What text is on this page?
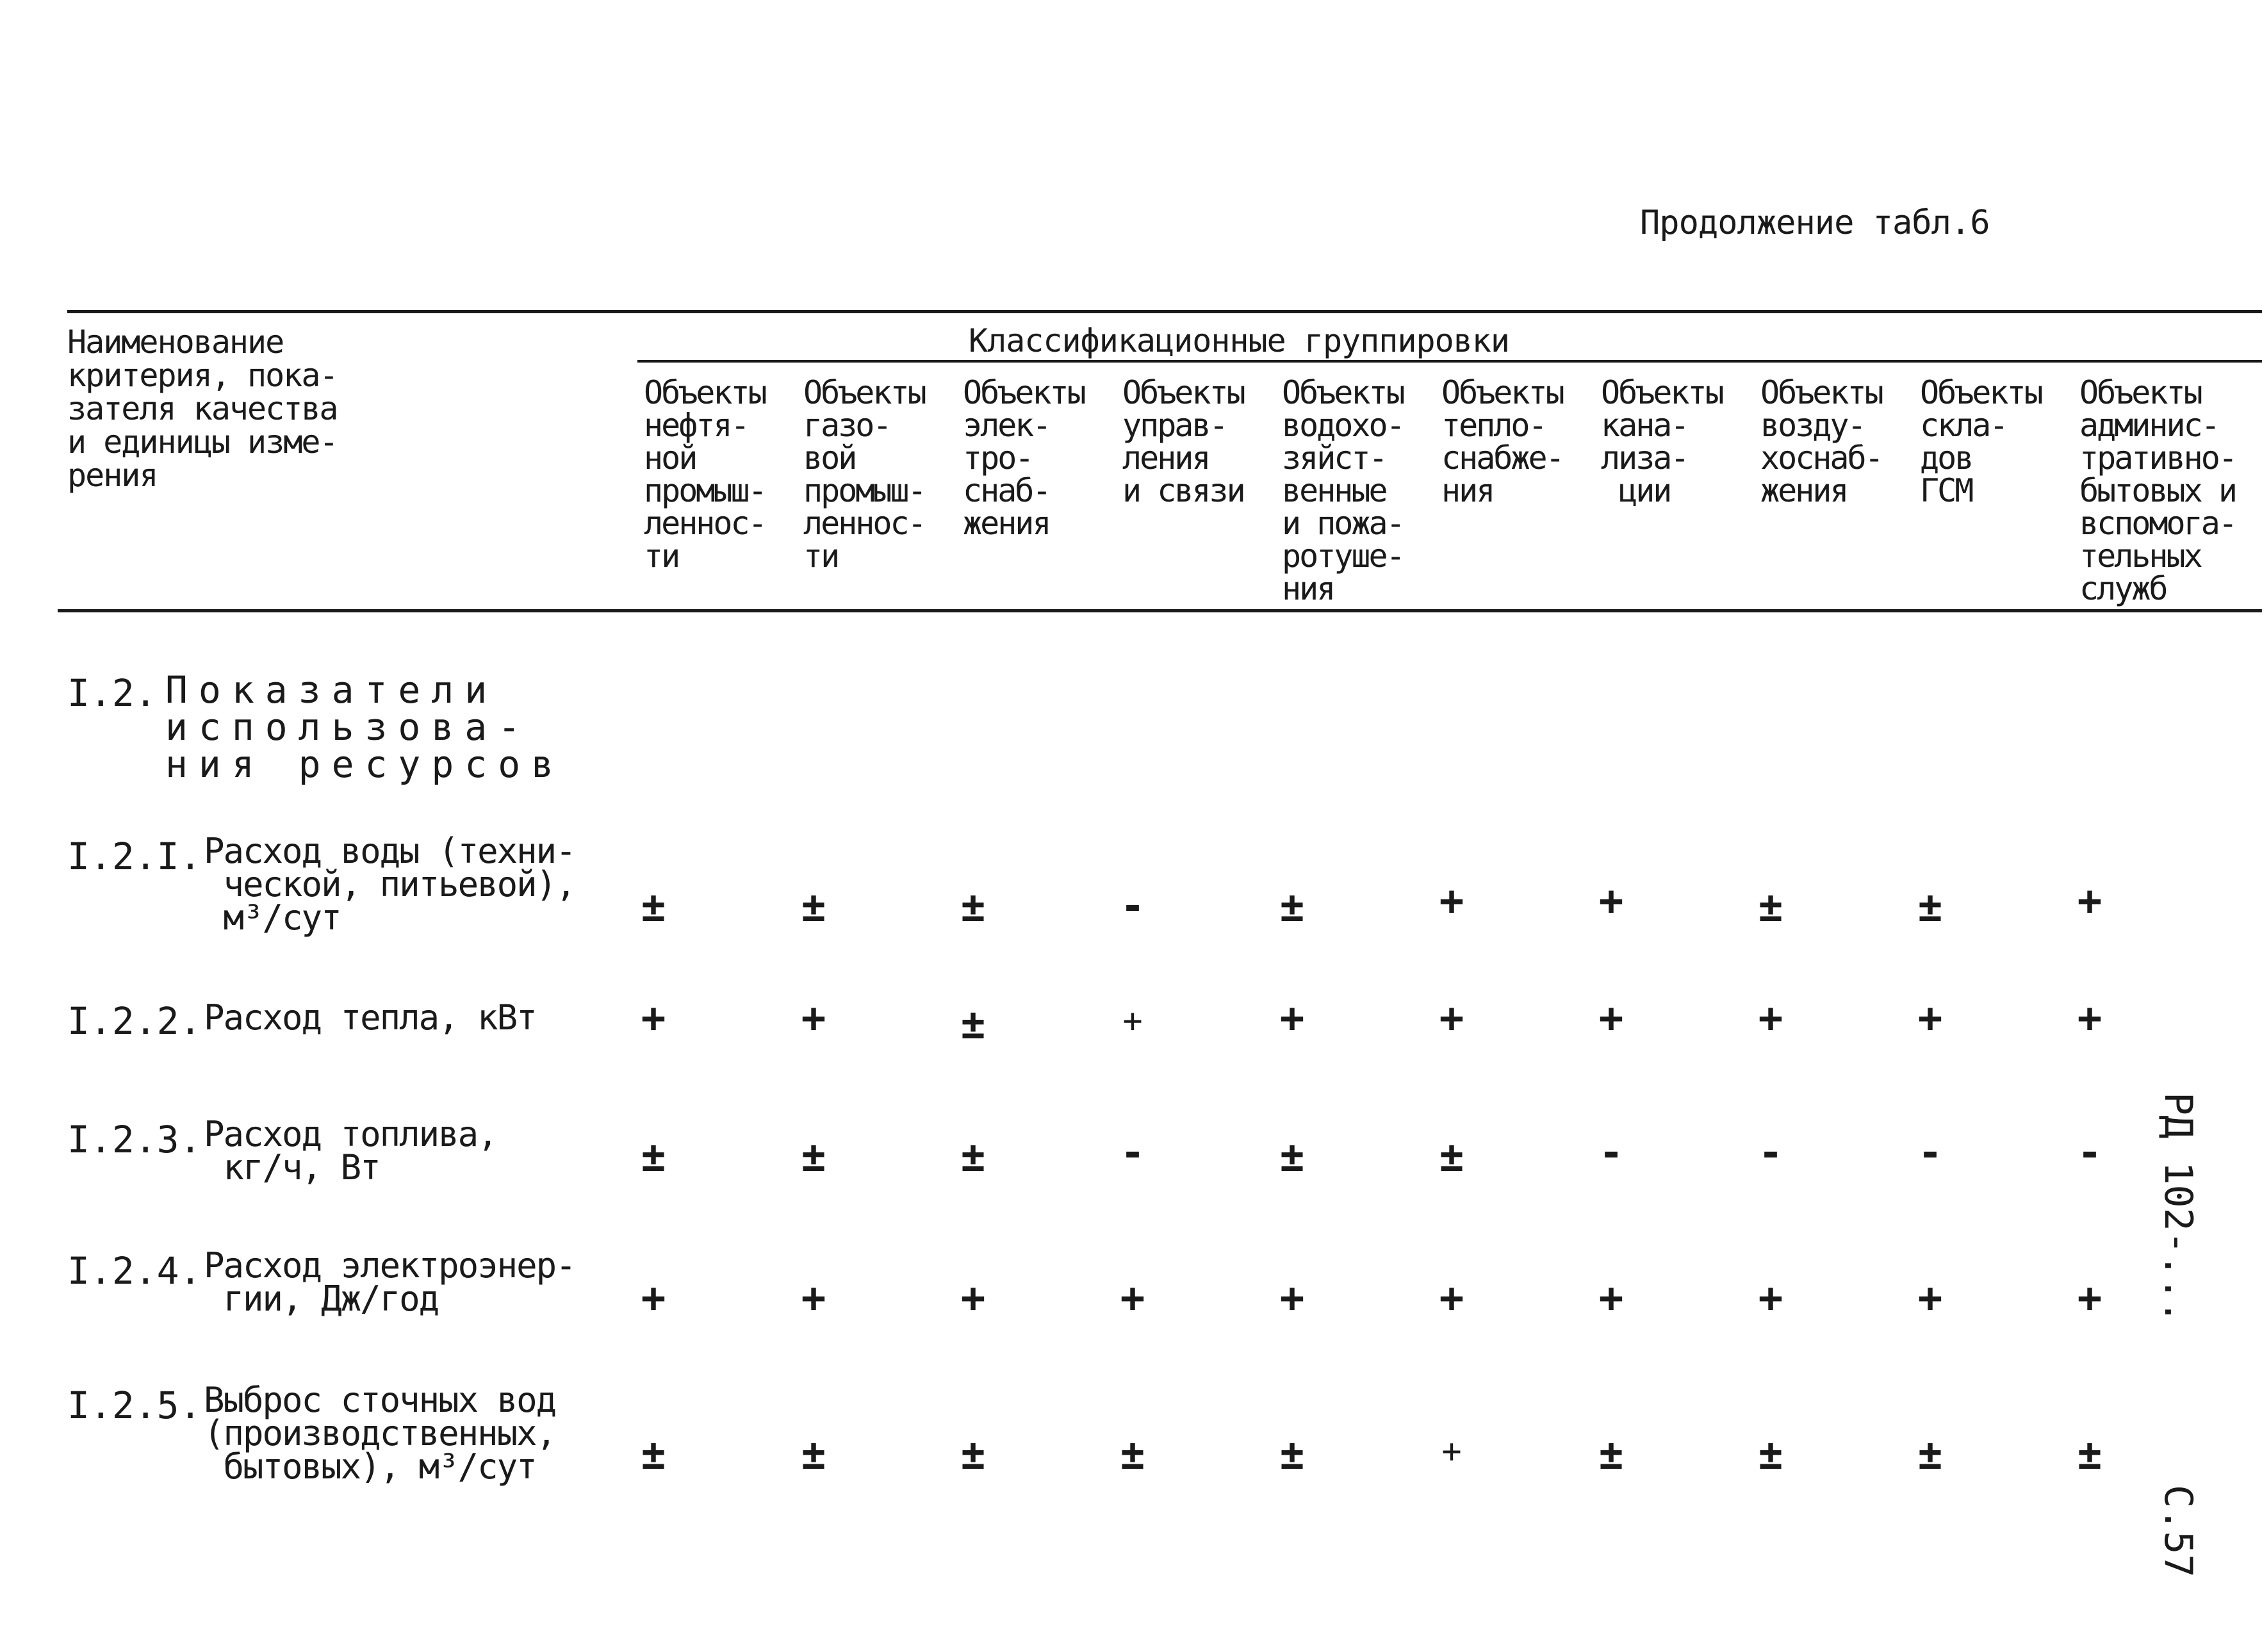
Продолжение табл.6
Наименование
критерия, пока-
зателя качества
и единицы изме-
рения
Классификационные группировки
Объекты
нефтя-
ной
промыш-
леннос-
ти
Объекты
газо-
вой
промыш-
леннос-
ти
Объекты
элек-
тро-
снаб-
жения
Объекты
управ-
ления
и связи
Объекты
водохо-
зяйст-
венные
и пожа-
ротуше-
ния
Объекты
тепло-
снабже-
ния
Объекты
кана-
лиза-
ции
Объекты
возду-
хоснаб-
жения
Объекты
скла-
дов
ГСМ
Объекты
админис-
тративно-
бытовых и
вспомога-
тельных
служб
I.2. Показатели
использова-
ния ресурсов
I.2.I. Расход воды (техни-
ческой, питьевой),
м³/сут	±	±	±	-	±	+	+	±	±	+
I.2.2. Расход тепла, кВт	+	+	±	+	+	+	+	+	+	+
I.2.3. Расход топлива,
кг/ч, Вт	±	±	±	-	±	±	-	-	-	-
I.2.4. Расход электроэнер-
гии, Дж/год	+	+	+	+	+	+	+	+	+	+
I.2.5. Выброс сточных вод
(производственных,
бытовых), м³/сут	±	±	±	±	±	+	±	±	±	±
РД 102-...
С.57
